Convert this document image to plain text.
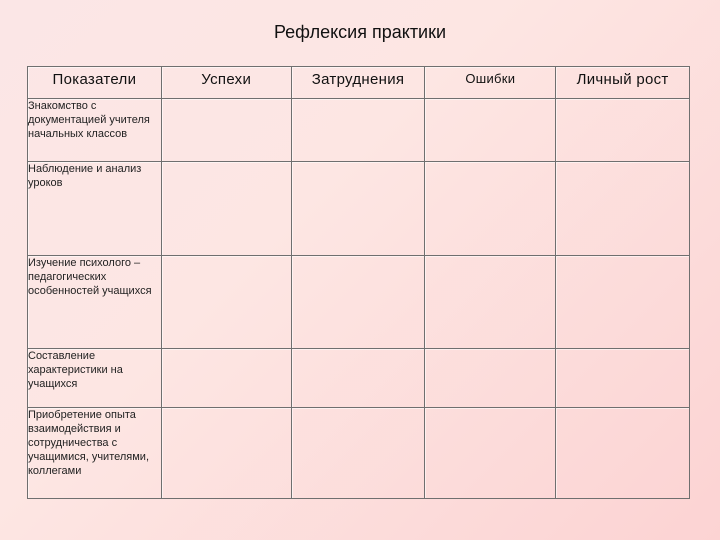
Рефлексия практики
Показатели	Успехи	Затруднения	Ошибки	Личный рост
Знакомство с документацией учителя начальных классов				
Наблюдение и анализ уроков				
Изучение психолого – педагогических особенностей учащихся				
Составление характеристики на учащихся				
Приобретение опыта взаимодействия и сотрудничества с учащимися, учителями, коллегами				
